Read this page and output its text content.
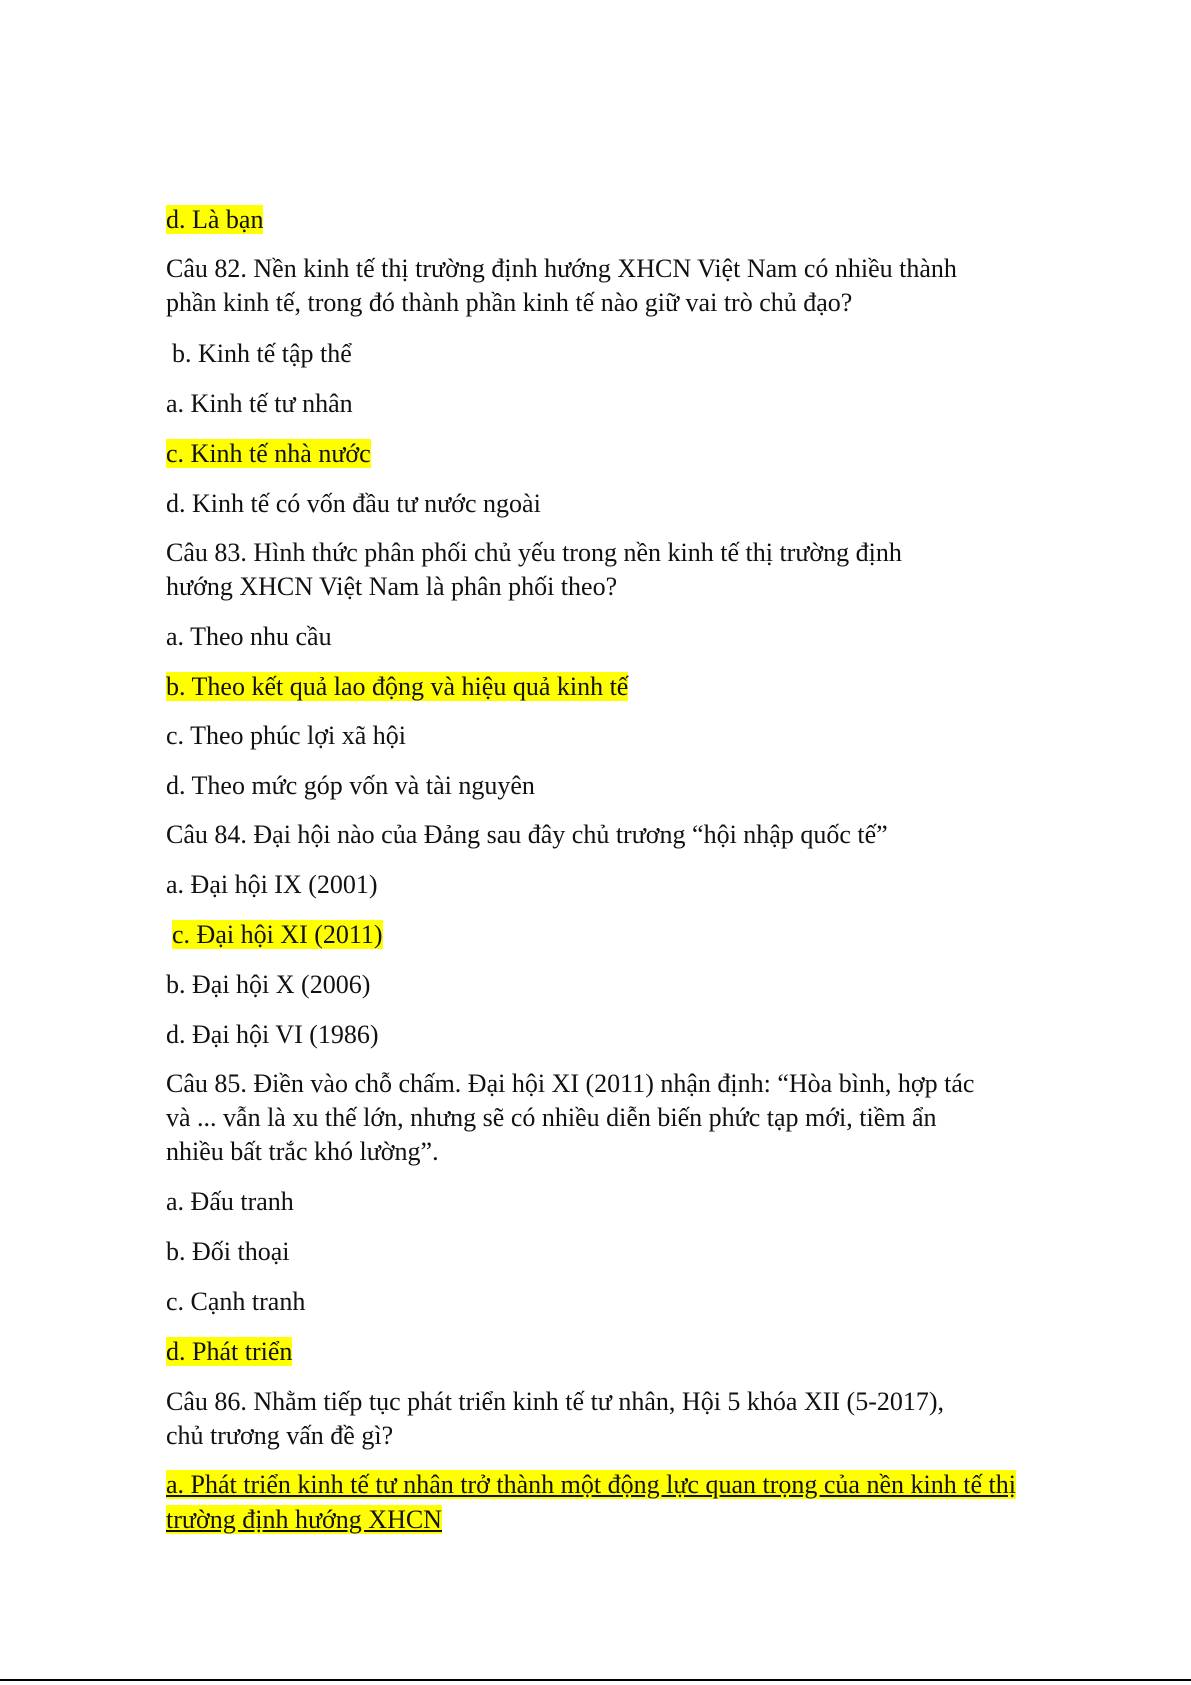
d. Là bạn
Câu 82. Nền kinh tế thị trường định hướng XHCN Việt Nam có nhiều thành
phần kinh tế, trong đó thành phần kinh tế nào giữ vai trò chủ đạo?
b. Kinh tế tập thể
a. Kinh tế tư nhân
c. Kinh tế nhà nước
d. Kinh tế có vốn đầu tư nước ngoài
Câu 83. Hình thức phân phối chủ yếu trong nền kinh tế thị trường định
hướng XHCN Việt Nam là phân phối theo?
a. Theo nhu cầu
b. Theo kết quả lao động và hiệu quả kinh tế
c. Theo phúc lợi xã hội
d. Theo mức góp vốn và tài nguyên
Câu 84. Đại hội nào của Đảng sau đây chủ trương “hội nhập quốc tế”
a. Đại hội IX (2001)
c. Đại hội XI (2011)
b. Đại hội X (2006)
d. Đại hội VI (1986)
Câu 85. Điền vào chỗ chấm. Đại hội XI (2011) nhận định: “Hòa bình, hợp tác
và ... vẫn là xu thế lớn, nhưng sẽ có nhiều diễn biến phức tạp mới, tiềm ẩn
nhiều bất trắc khó lường”.
a. Đấu tranh
b. Đối thoại
c. Cạnh tranh
d. Phát triển
Câu 86. Nhằm tiếp tục phát triển kinh tế tư nhân, Hội 5 khóa XII (5-2017),
chủ trương vấn đề gì?
a. Phát triển kinh tế tư nhân trở thành một động lực quan trọng của nền kinh tế thị
trường định hướng XHCN
